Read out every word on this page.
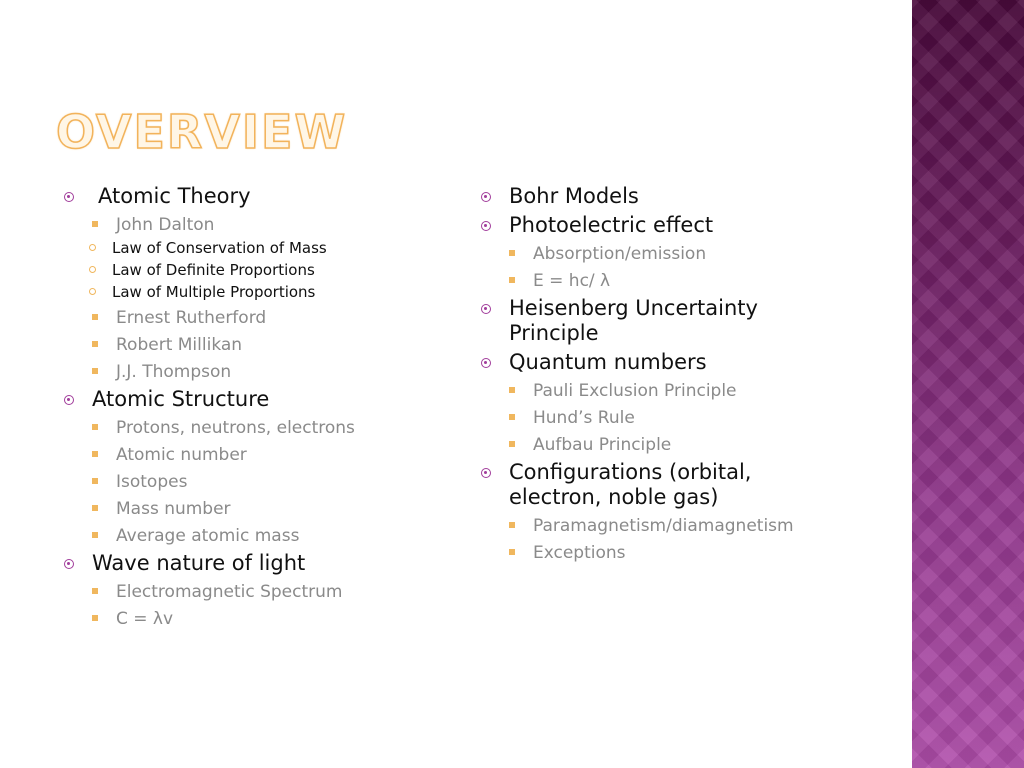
OVERVIEW
Atomic Theory
John Dalton
Law of Conservation of Mass
Law of Definite Proportions
Law of Multiple Proportions
Ernest Rutherford
Robert Millikan
J.J. Thompson
Atomic Structure
Protons, neutrons, electrons
Atomic number
Isotopes
Mass number
Average atomic mass
Wave nature of light
Electromagnetic Spectrum
C = λv
Bohr Models
Photoelectric effect
Absorption/emission
E = hc/ λ
Heisenberg Uncertainty Principle
Quantum numbers
Pauli Exclusion Principle
Hund’s Rule
Aufbau Principle
Configurations (orbital, electron, noble gas)
Paramagnetism/diamagnetism
Exceptions
